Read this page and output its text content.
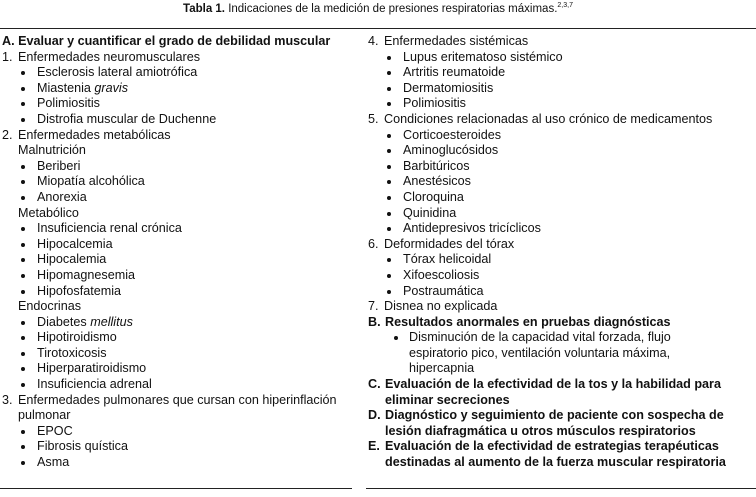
Tabla 1. Indicaciones de la medición de presiones respiratorias máximas.$^{2,3,7}$
A. Evaluar y cuantificar el grado de debilidad muscular
1. Enfermedades neuromusculares
Esclerosis lateral amiotrófica
Miastenia gravis
Polimiositis
Distrofia muscular de Duchenne
2. Enfermedades metabólicas
Malnutrición
Beriberi
Miopatía alcohólica
Anorexia
Metabólico
Insuficiencia renal crónica
Hipocalcemia
Hipocalemia
Hipomagnesemia
Hipofosfatemia
Endocrinas
Diabetes mellitus
Hipotiroidismo
Tirotoxicosis
Hiperparatiroidismo
Insuficiencia adrenal
3. Enfermedades pulmonares que cursan con hiperinflación pulmonar
EPOC
Fibrosis quística
Asma
4. Enfermedades sistémicas
Lupus eritematoso sistémico
Artritis reumatoide
Dermatomiositis
Polimiositis
5. Condiciones relacionadas al uso crónico de medicamentos
Corticoesteroides
Aminoglucósidos
Barbitúricos
Anestésicos
Cloroquina
Quinidina
Antidepresivos tricíclicos
6. Deformidades del tórax
Tórax helicoidal
Xifoescoliosis
Postraumática
7. Disnea no explicada
B. Resultados anormales en pruebas diagnósticas
Disminución de la capacidad vital forzada, flujo espiratorio pico, ventilación voluntaria máxima, hipercapnia
C. Evaluación de la efectividad de la tos y la habilidad para eliminar secreciones
D. Diagnóstico y seguimiento de paciente con sospecha de lesión diafragmática u otros músculos respiratorios
E. Evaluación de la efectividad de estrategias terapéuticas destinadas al aumento de la fuerza muscular respiratoria
